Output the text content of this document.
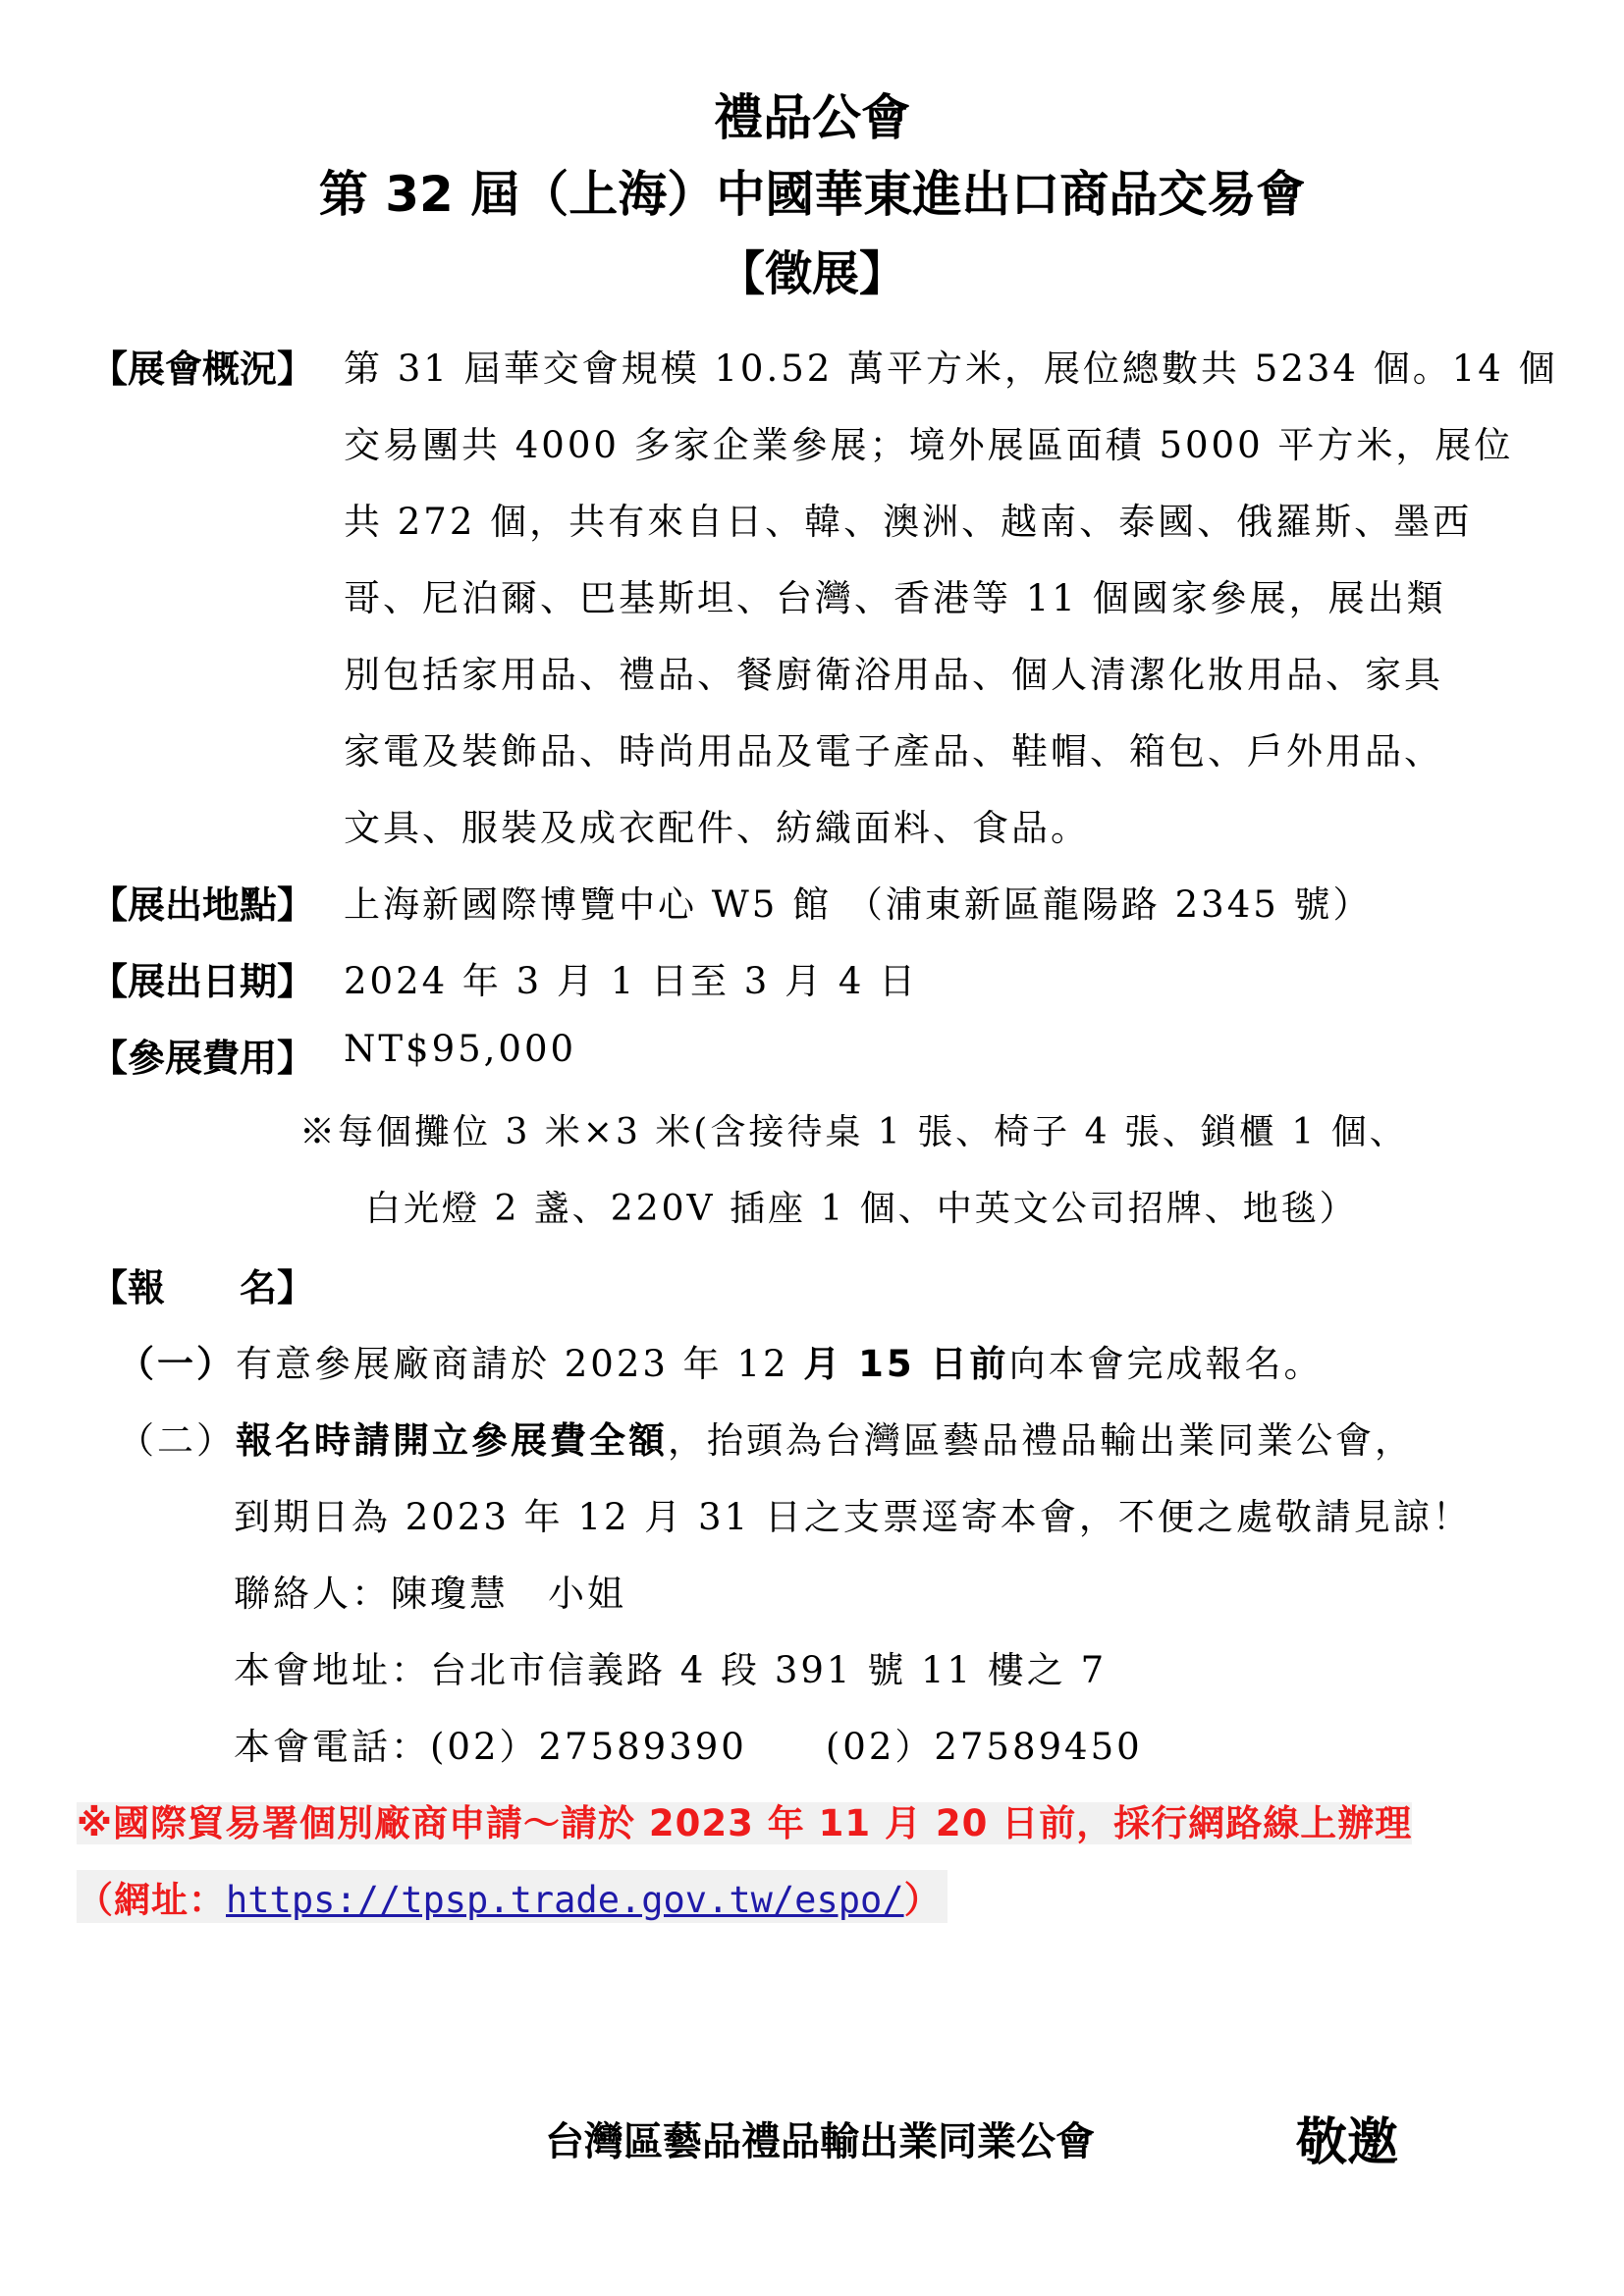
禮品公會
第 32 屆（上海）中國華東進出口商品交易會
【徵展】
【展會概況】 第 31 屆華交會規模 10.52 萬平方米，展位總數共 5234 個。14 個
交易團共 4000 多家企業參展；境外展區面積 5000 平方米，展位
共 272 個，共有來自日、韓、澳洲、越南、泰國、俄羅斯、墨西
哥、尼泊爾、巴基斯坦、台灣、香港等 11 個國家參展，展出類
別包括家用品、禮品、餐廚衛浴用品、個人清潔化妝用品、家具
家電及裝飾品、時尚用品及電子產品、鞋帽、箱包、戶外用品、
文具、服裝及成衣配件、紡織面料、食品。
【展出地點】 上海新國際博覽中心 W5 館 （浦東新區龍陽路 2345 號）
【展出日期】 2024 年 3 月 1 日至 3 月 4 日
【參展費用】 NT$95,000
※每個攤位 3 米×3 米(含接待桌 1 張、椅子 4 張、鎖櫃 1 個、
白光燈 2 盞、220V 插座 1 個、中英文公司招牌、地毯）
【報　　名】
（一）有意參展廠商請於 2023 年 12 月 15 日前向本會完成報名。
（二）報名時請開立參展費全額，抬頭為台灣區藝品禮品輸出業同業公會，
到期日為 2023 年 12 月 31 日之支票逕寄本會，不便之處敬請見諒！
聯絡人：陳瓊慧　小姐
本會地址：台北市信義路 4 段 391 號 11 樓之 7
本會電話：(02）27589390　　(02）27589450
※國際貿易署個別廠商申請～請於 2023 年 11 月 20 日前，採行網路線上辦理
（網址：https://tpsp.trade.gov.tw/espo/）
台灣區藝品禮品輸出業同業公會	敬邀
